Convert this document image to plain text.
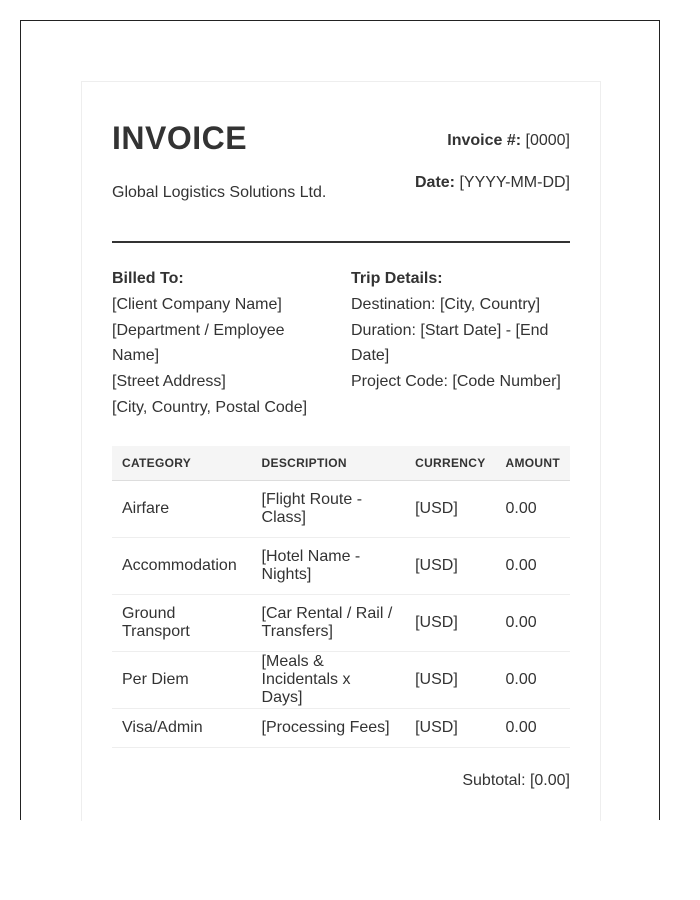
INVOICE
Global Logistics Solutions Ltd.
Invoice #: [0000]
Date: [YYYY-MM-DD]
Billed To:
[Client Company Name]
[Department / Employee Name]
[Street Address]
[City, Country, Postal Code]
Trip Details:
Destination: [City, Country]
Duration: [Start Date] - [End Date]
Project Code: [Code Number]
CATEGORY	DESCRIPTION	CURRENCY	AMOUNT
Airfare	[Flight Route - Class]	[USD]	0.00
Accommodation	[Hotel Name - Nights]	[USD]	0.00
Ground Transport	[Car Rental / Rail / Transfers]	[USD]	0.00
Per Diem	[Meals & Incidentals x Days]	[USD]	0.00
Visa/Admin	[Processing Fees]	[USD]	0.00
Subtotal: [0.00]
